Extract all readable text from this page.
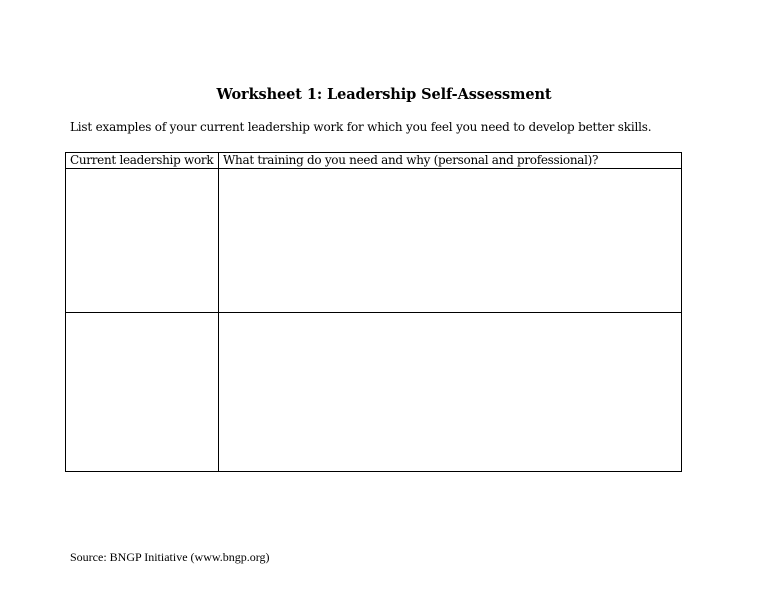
Worksheet 1: Leadership Self-Assessment
List examples of your current leadership work for which you feel you need to develop better skills.
Current leadership work	What training do you need and why (personal and professional)?

Source: BNGP Initiative (www.bngp.org)
